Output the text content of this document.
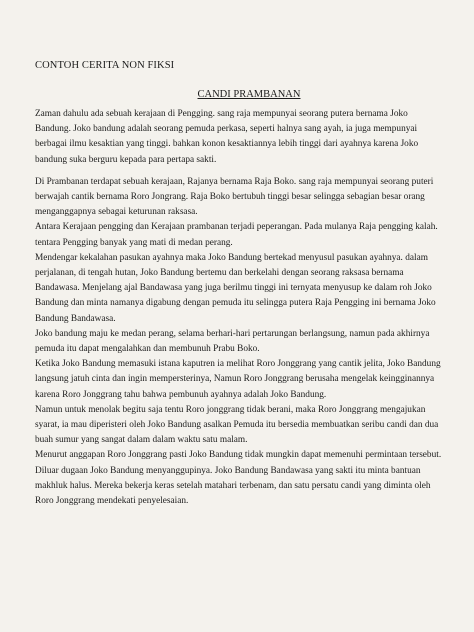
CONTOH CERITA NON FIKSI
CANDI PRAMBANAN

Zaman dahulu ada sebuah kerajaan di Pengging. sang raja mempunyai seorang putera bernama Joko Bandung. Joko bandung adalah seorang pemuda perkasa, seperti halnya sang ayah, ia juga mempunyai berbagai ilmu kesaktian yang tinggi. bahkan konon kesaktiannya lebih tinggi dari ayahnya karena Joko bandung suka berguru kepada para pertapa sakti.

Di Prambanan terdapat sebuah kerajaan, Rajanya bernama Raja Boko. sang raja mempunyai seorang puteri berwajah cantik bernama Roro Jongrang. Raja Boko bertubuh tinggi besar selingga sebagian besar orang menganggapnya sebagai keturunan raksasa.

Antara Kerajaan pengging dan Kerajaan prambanan terjadi peperangan. Pada mulanya Raja pengging kalah. tentara Pengging banyak yang mati di medan perang.

Mendengar kekalahan pasukan ayahnya maka Joko Bandung bertekad menyusul pasukan ayahnya. dalam perjalanan, di tengah hutan, Joko Bandung bertemu dan berkelahi dengan seorang raksasa bernama Bandawasa. Menjelang ajal Bandawasa yang juga berilmu tinggi ini ternyata menyusup ke dalam roh Joko Bandung dan minta namanya digabung dengan pemuda itu selingga putera Raja Pengging ini bernama Joko Bandung Bandawasa.

Joko bandung maju ke medan perang, selama berhari-hari pertarungan berlangsung, namun pada akhirnya pemuda itu dapat mengalahkan dan membunuh Prabu Boko.

Ketika Joko Bandung memasuki istana kaputren ia melihat Roro Jonggrang yang cantik jelita, Joko Bandung langsung jatuh cinta dan ingin mempersterinya, Namun Roro Jonggrang berusaha mengelak keingginannya karena Roro Jonggrang tahu bahwa pembunuh ayahnya adalah Joko Bandung.

Namun untuk menolak begitu saja tentu Roro jonggrang tidak berani, maka Roro Jonggrang mengajukan syarat, ia mau diperisteri oleh Joko Bandung asalkan Pemuda itu bersedia membuatkan seribu candi dan dua buah sumur yang sangat dalam dalam waktu satu malam.

Menurut anggapan Roro Jonggrang pasti Joko Bandung tidak mungkin dapat memenuhi permintaan tersebut. Diluar dugaan Joko Bandung menyanggupinya. Joko Bandung Bandawasa yang sakti itu minta bantuan makhluk halus. Mereka bekerja keras setelah matahari terbenam, dan satu persatu candi yang diminta oleh Roro Jonggrang mendekati penyelesaian.
